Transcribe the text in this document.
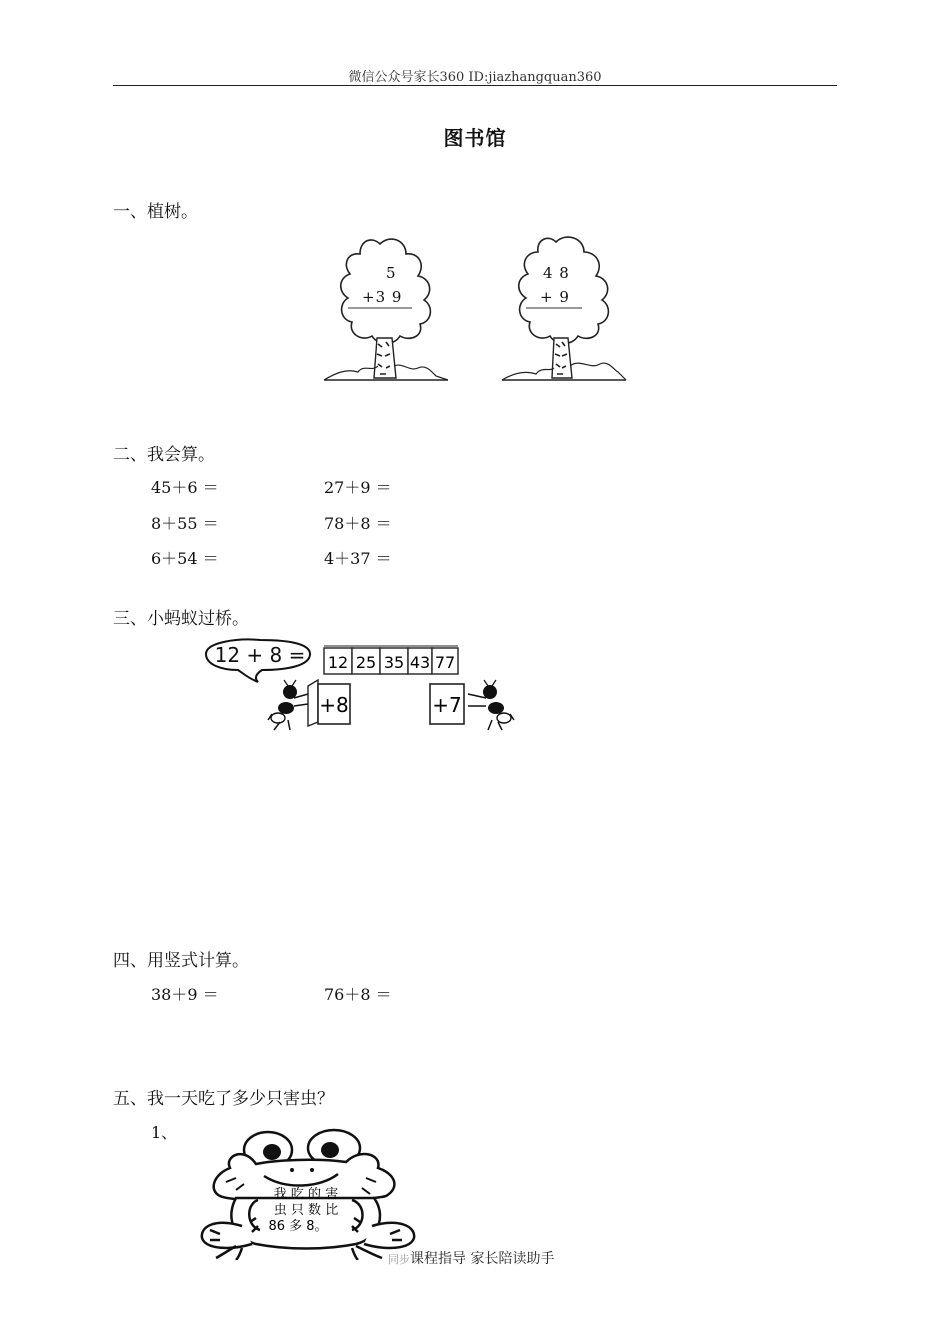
微信公众号家长360 ID:jiazhangquan360
图书馆
一、植树。
5
+3 9
4 8
+ 9
二、我会算。
45＋6 ＝	27＋9 ＝
8＋55 ＝	78＋8 ＝
6＋54 ＝	4＋37 ＝
三、小蚂蚁过桥。
12 + 8 = 12 25 35 43 77
+8	+7
四、用竖式计算。
38＋9 ＝	76＋8 ＝
五、我一天吃了多少只害虫？
1、
我 吃 的 害
虫 只 数 比
86 多 8。
同步课程指导 家长陪读助手
